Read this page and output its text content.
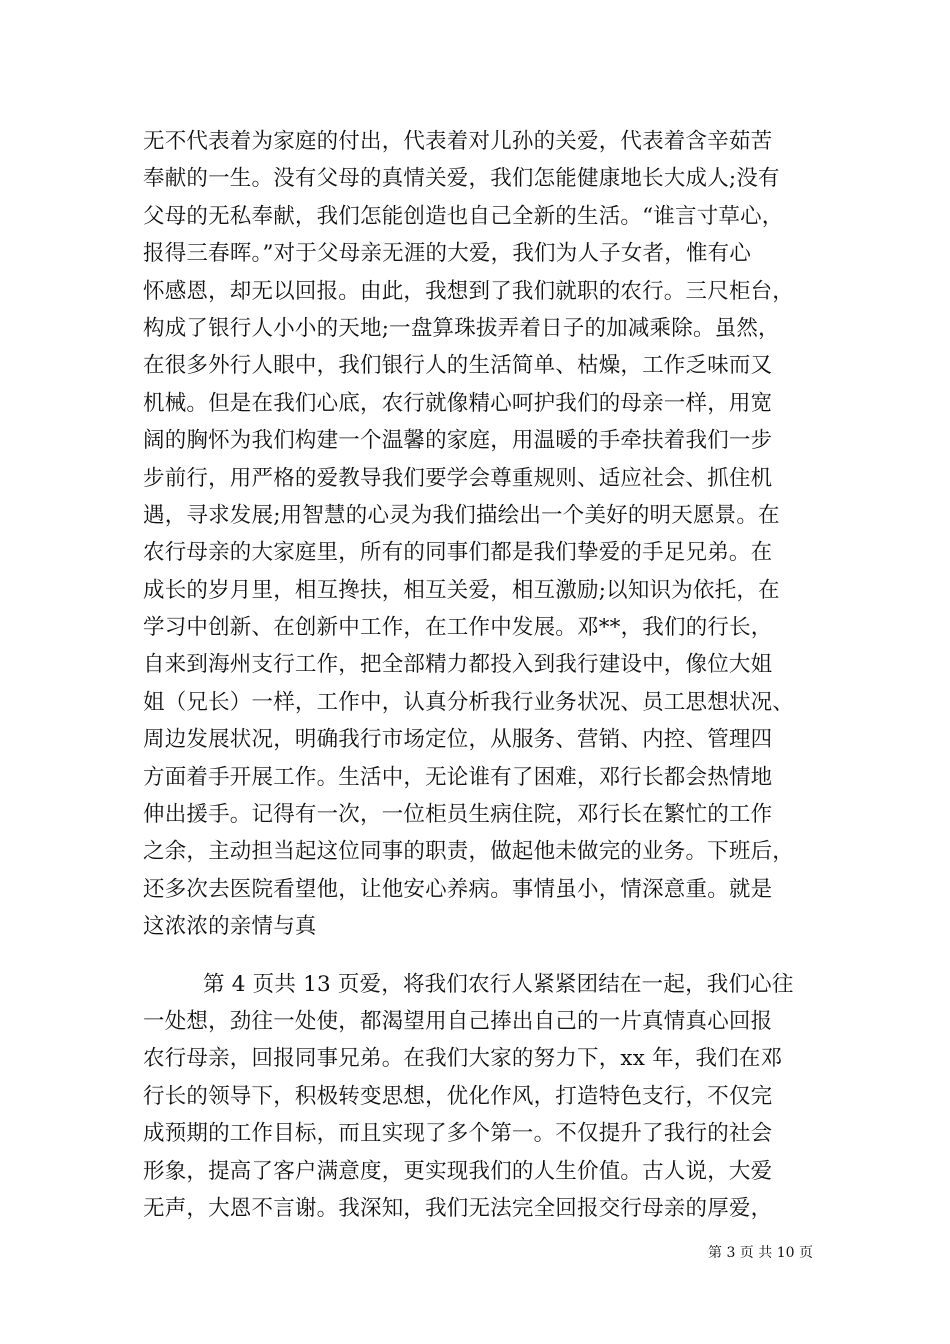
无不代表着为家庭的付出，代表着对儿孙的关爱，代表着含辛茹苦
奉献的一生。没有父母的真情关爱，我们怎能健康地长大成人;没有
父母的无私奉献，我们怎能创造也自己全新的生活。“谁言寸草心，
报得三春晖。”对于父母亲无涯的大爱，我们为人子女者，惟有心
怀感恩，却无以回报。由此，我想到了我们就职的农行。三尺柜台，
构成了银行人小小的天地;一盘算珠拔弄着日子的加减乘除。虽然，
在很多外行人眼中，我们银行人的生活简单、枯燥，工作乏味而又
机械。但是在我们心底，农行就像精心呵护我们的母亲一样，用宽
阔的胸怀为我们构建一个温馨的家庭，用温暖的手牵扶着我们一步
步前行，用严格的爱教导我们要学会尊重规则、适应社会、抓住机
遇，寻求发展;用智慧的心灵为我们描绘出一个美好的明天愿景。在
农行母亲的大家庭里，所有的同事们都是我们挚爱的手足兄弟。在
成长的岁月里，相互搀扶，相互关爱，相互激励;以知识为依托，在
学习中创新、在创新中工作，在工作中发展。邓**，我们的行长，
自来到海州支行工作，把全部精力都投入到我行建设中，像位大姐
姐（兄长）一样，工作中，认真分析我行业务状况、员工思想状况、
周边发展状况，明确我行市场定位，从服务、营销、内控、管理四
方面着手开展工作。生活中，无论谁有了困难，邓行长都会热情地
伸出援手。记得有一次，一位柜员生病住院，邓行长在繁忙的工作
之余，主动担当起这位同事的职责，做起他未做完的业务。下班后，
还多次去医院看望他，让他安心养病。事情虽小，情深意重。就是
这浓浓的亲情与真
第 4 页共 13 页爱，将我们农行人紧紧团结在一起，我们心往
一处想，劲往一处使，都渴望用自己捧出自己的一片真情真心回报
农行母亲，回报同事兄弟。在我们大家的努力下，xx 年，我们在邓
行长的领导下，积极转变思想，优化作风，打造特色支行，不仅完
成预期的工作目标，而且实现了多个第一。不仅提升了我行的社会
形象，提高了客户满意度，更实现我们的人生价值。古人说，大爱
无声，大恩不言谢。我深知，我们无法完全回报交行母亲的厚爱，
第 3 页 共 10 页
